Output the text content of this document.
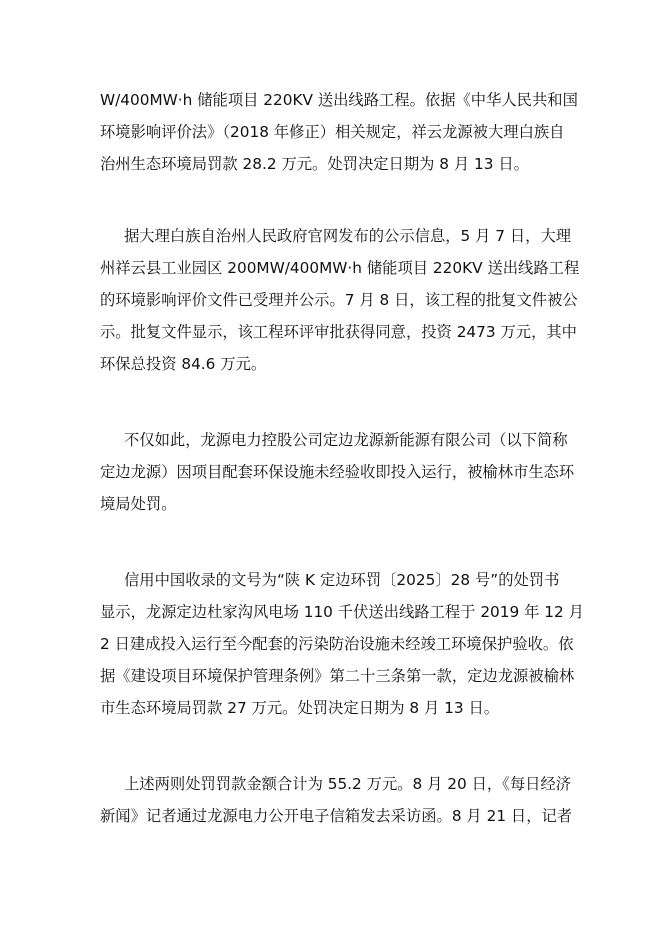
W/400MW·h 储能项目 220KV 送出线路工程。依据《中华人民共和国
环境影响评价法》（2018 年修正）相关规定，祥云龙源被大理白族自
治州生态环境局罚款 28.2 万元。处罚决定日期为 8 月 13 日。
据大理白族自治州人民政府官网发布的公示信息，5 月 7 日，大理
州祥云县工业园区 200MW/400MW·h 储能项目 220KV 送出线路工程
的环境影响评价文件已受理并公示。7 月 8 日，该工程的批复文件被公
示。批复文件显示，该工程环评审批获得同意，投资 2473 万元，其中
环保总投资 84.6 万元。
不仅如此，龙源电力控股公司定边龙源新能源有限公司（以下简称
定边龙源）因项目配套环保设施未经验收即投入运行，被榆林市生态环
境局处罚。
信用中国收录的文号为“陕 K 定边环罚〔2025〕28 号”的处罚书
显示，龙源定边杜家沟风电场 110 千伏送出线路工程于 2019 年 12 月
2 日建成投入运行至今配套的污染防治设施未经竣工环境保护验收。依
据《建设项目环境保护管理条例》第二十三条第一款，定边龙源被榆林
市生态环境局罚款 27 万元。处罚决定日期为 8 月 13 日。
上述两则处罚罚款金额合计为 55.2 万元。8 月 20 日，《每日经济
新闻》记者通过龙源电力公开电子信箱发去采访函。8 月 21 日，记者
